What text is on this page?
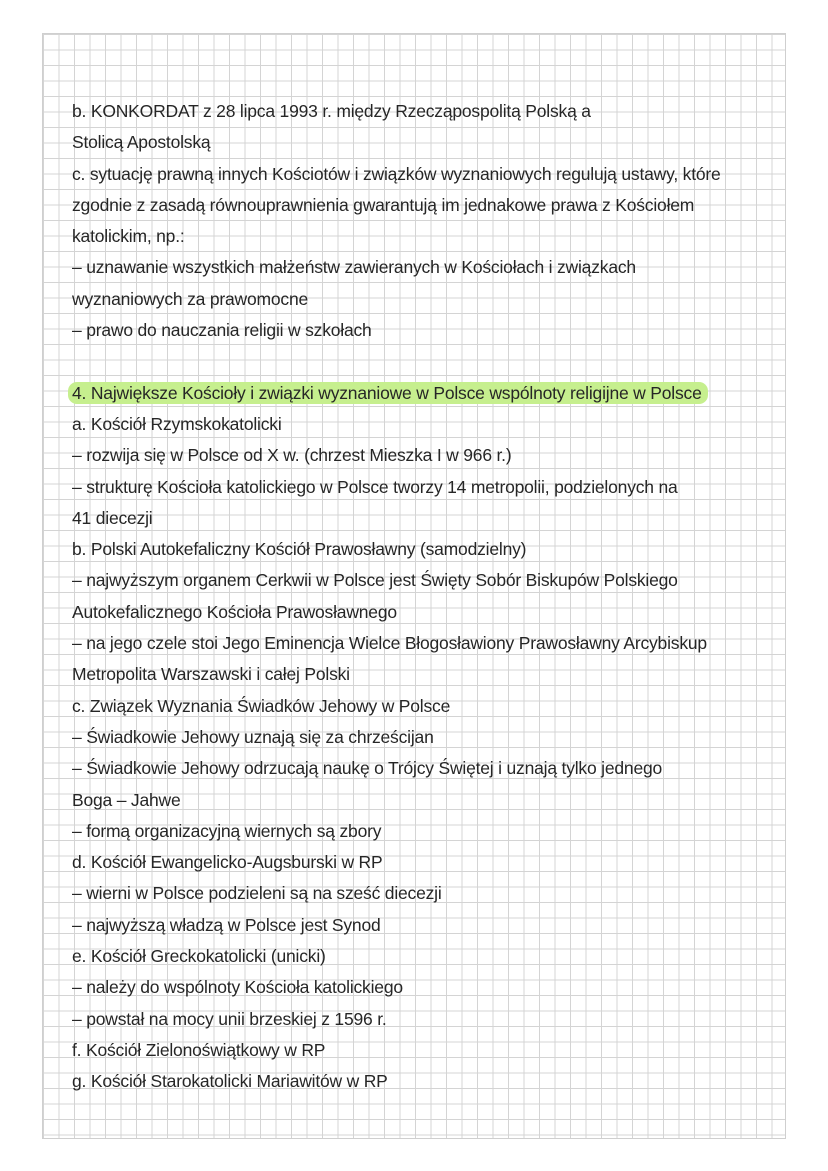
b. KONKORDAT z 28 lipca 1993 r. między Rzecząpospolitą Polską a
Stolicą Apostolską
c. sytuację prawną innych Kościotów i związków wyznaniowych regulują ustawy, które
zgodnie z zasadą równouprawnienia gwarantują im jednakowe prawa z Kościołem
katolickim, np.:
– uznawanie wszystkich małżeństw zawieranych w Kościołach i związkach
wyznaniowych za prawomocne
– prawo do nauczania religii w szkołach
4. Największe Kościoły i związki wyznaniowe w Polsce wspólnoty religijne w Polsce
a. Kościół Rzymskokatolicki
– rozwija się w Polsce od X w. (chrzest Mieszka I w 966 r.)
– strukturę Kościoła katolickiego w Polsce tworzy 14 metropolii, podzielonych na
41 diecezji
b. Polski Autokefaliczny Kościół Prawosławny (samodzielny)
– najwyższym organem Cerkwii w Polsce jest Święty Sobór Biskupów Polskiego
Autokefalicznego Kościoła Prawosławnego
– na jego czele stoi Jego Eminencja Wielce Błogosławiony Prawosławny Arcybiskup
Metropolita Warszawski i całej Polski
c. Związek Wyznania Świadków Jehowy w Polsce
– Świadkowie Jehowy uznają się za chrześcijan
– Świadkowie Jehowy odrzucają naukę o Trójcy Świętej i uznają tylko jednego
Boga – Jahwe
– formą organizacyjną wiernych są zbory
d. Kościół Ewangelicko-Augsburski w RP
– wierni w Polsce podzieleni są na sześć diecezji
– najwyższą władzą w Polsce jest Synod
e. Kościół Greckokatolicki (unicki)
– należy do wspólnoty Kościoła katolickiego
– powstał na mocy unii brzeskiej z 1596 r.
f. Kościół Zielonoświątkowy w RP
g. Kościół Starokatolicki Mariawitów w RP
